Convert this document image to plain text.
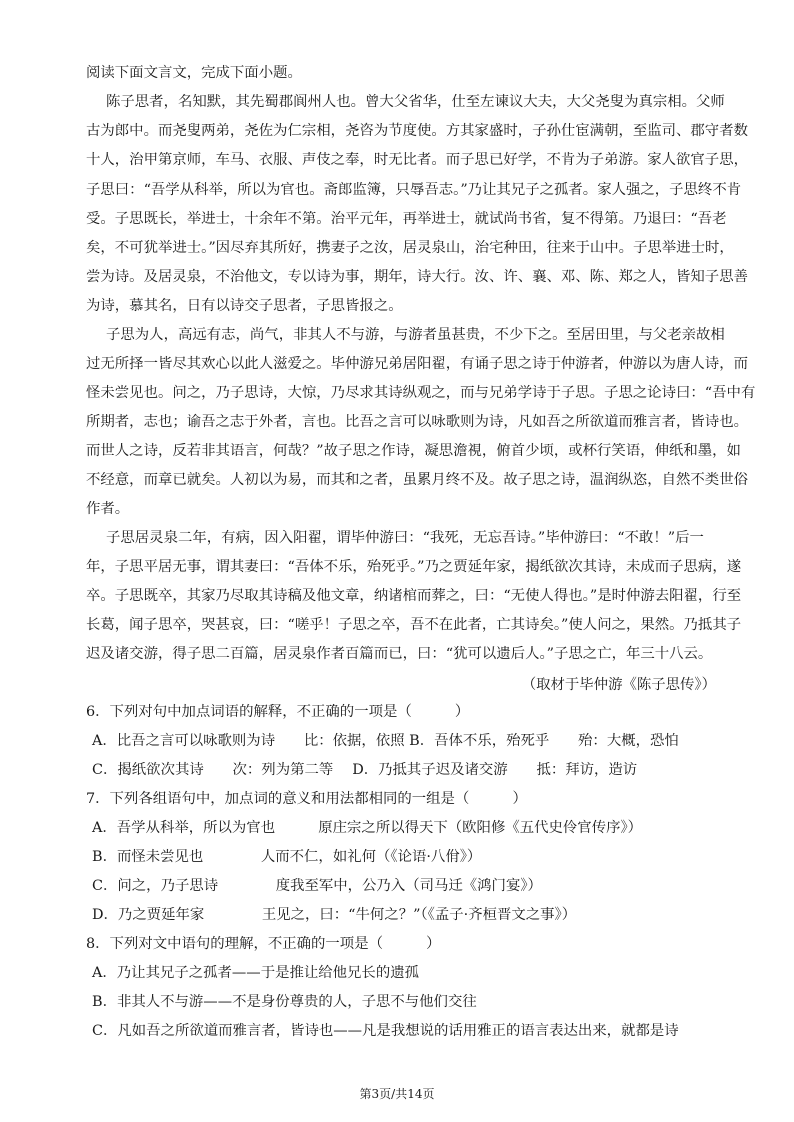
阅读下面文言文，完成下面小题。
陈子思者，名知默，其先蜀郡阆州人也。曾大父省华，仕至左谏议大夫，大父尧叟为真宗相。父师
古为郎中。而尧叟两弟，尧佐为仁宗相，尧咨为节度使。方其家盛时，子孙仕宦满朝，至监司、郡守者数
十人，治甲第京师，车马、衣服、声伎之奉，时无比者。而子思已好学，不肯为子弟游。家人欲官子思，
子思曰：“吾学从科举，所以为官也。斋郎监簿，只辱吾志。”乃让其兄子之孤者。家人强之，子思终不肯
受。子思既长，举进士，十余年不第。治平元年，再举进士，就试尚书省，复不得第。乃退曰：“吾老
矣，不可犹举进士。”因尽弃其所好，携妻子之汝，居灵泉山，治宅种田，往来于山中。子思举进士时，
尝为诗。及居灵泉，不治他文，专以诗为事，期年，诗大行。汝、许、襄、邓、陈、郑之人，皆知子思善
为诗，慕其名，日有以诗交子思者，子思皆报之。
子思为人，高远有志，尚气，非其人不与游，与游者虽甚贵，不少下之。至居田里，与父老亲故相
过无所择一皆尽其欢心以此人滋爱之。毕仲游兄弟居阳翟，有诵子思之诗于仲游者，仲游以为唐人诗，而
怪未尝见也。问之，乃子思诗，大惊，乃尽求其诗纵观之，而与兄弟学诗于子思。子思之论诗曰：“吾中有
所期者，志也；谕吾之志于外者，言也。比吾之言可以咏歌则为诗，凡如吾之所欲道而雅言者，皆诗也。
而世人之诗，反若非其语言，何哉？”故子思之作诗，凝思澹視，俯首少顷，或杯行笑语，伸纸和墨，如
不经意，而章已就矣。人初以为易，而其和之者，虽累月终不及。故子思之诗，温润纵恣，自然不类世俗
作者。
子思居灵泉二年，有病，因入阳翟，谓毕仲游曰：“我死，无忘吾诗。”毕仲游曰：“不敢！”后一
年，子思平居无事，谓其妻曰：“吾体不乐，殆死乎。”乃之贾延年家，揭纸欲次其诗，未成而子思病，遂
卒。子思既卒，其家乃尽取其诗稿及他文章，纳诸棺而葬之，曰：“无使人得也。”是时仲游去阳翟，行至
长葛，闻子思卒，哭甚哀，曰：“嗟乎！子思之卒，吾不在此者，亡其诗矣。”使人问之，果然。乃抵其子
迟及诸交游，得子思二百篇，居灵泉作者百篇而已，曰：“犹可以遗后人。”子思之亡，年三十八云。
（取材于毕仲游《陈子思传》）
6．下列对句中加点词语的解释，不正确的一项是（　　　）
A．比吾之言可以咏歌则为诗　　比：依据，依照 B．吾体不乐，殆死乎　　殆：大概，恐怕
C．揭纸欲次其诗　　次：列为第二等　 D．乃抵其子迟及诸交游　　抵：拜访，造访
7．下列各组语句中，加点词的意义和用法都相同的一组是（　　　）
A．吾学从科举，所以为官也　　　原庄宗之所以得天下（欧阳修《五代史伶官传序》）
B．而怪未尝见也　　　　人而不仁，如礼何（《论语·八佾》）
C．问之，乃子思诗　　　　度我至军中，公乃入（司马迁《鸿门宴》）
D．乃之贾延年家　　　　王见之，曰：“牛何之？”（《孟子·齐桓晋文之事》）
8．下列对文中语句的理解，不正确的一项是（　　　）
A．乃让其兄子之孤者——于是推让给他兄长的遗孤
B．非其人不与游——不是身份尊贵的人，子思不与他们交往
C．凡如吾之所欲道而雅言者，皆诗也——凡是我想说的话用雅正的语言表达出来，就都是诗
第3页/共14页
